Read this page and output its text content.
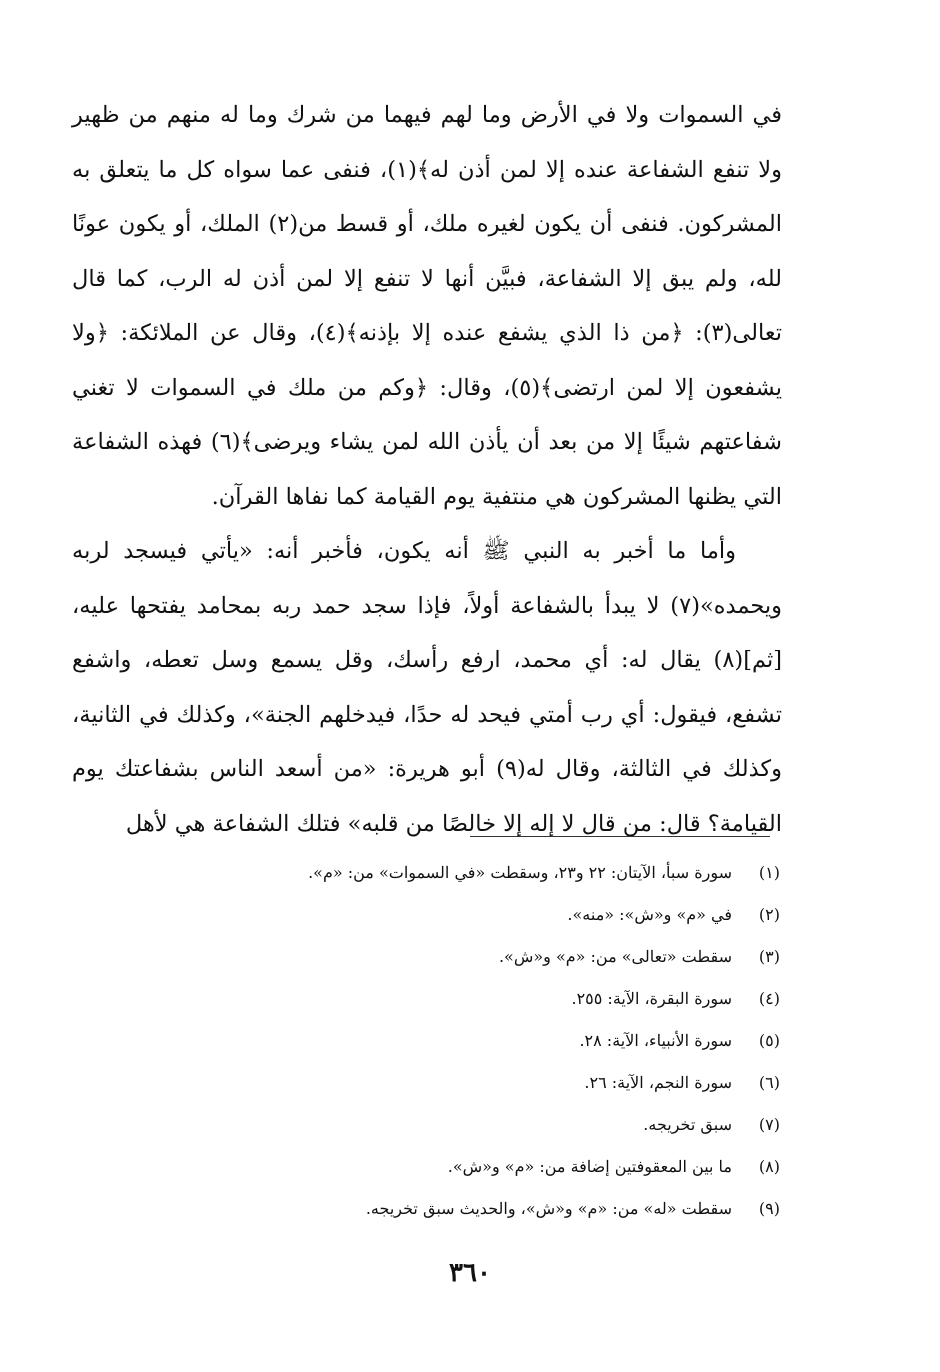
في السموات ولا في الأرض وما لهم فيهما من شرك وما له منهم من ظهير ولا تنفع الشفاعة عنده إلا لمن أذن له﴾(١)، فنفى عما سواه كل ما يتعلق به المشركون. فنفى أن يكون لغيره ملك، أو قسط من(٢) الملك، أو يكون عونًا لله، ولم يبق إلا الشفاعة، فبيَّن أنها لا تنفع إلا لمن أذن له الرب، كما قال تعالى(٣): ﴿من ذا الذي يشفع عنده إلا بإذنه﴾(٤)، وقال عن الملائكة: ﴿ولا يشفعون إلا لمن ارتضى﴾(٥)، وقال: ﴿وكم من ملك في السموات لا تغني شفاعتهم شيئًا إلا من بعد أن يأذن الله لمن يشاء ويرضى﴾(٦) فهذه الشفاعة التي يظنها المشركون هي منتفية يوم القيامة كما نفاها القرآن.

وأما ما أخبر به النبي ﷺ أنه يكون، فأخبر أنه: «يأتي فيسجد لربه ويحمده»(٧) لا يبدأ بالشفاعة أولاً، فإذا سجد حمد ربه بمحامد يفتحها عليه، [ثم](٨) يقال له: أي محمد، ارفع رأسك، وقل يسمع وسل تعطه، واشفع تشفع، فيقول: أي رب أمتي فيحد له حدًا، فيدخلهم الجنة»، وكذلك في الثانية، وكذلك في الثالثة، وقال له(٩) أبو هريرة: «من أسعد الناس بشفاعتك يوم القيامة؟ قال: من قال لا إله إلا خالصًا من قلبه» فتلك الشفاعة هي لأهل

(١)
سورة سبأ، الآيتان: ٢٢ و٢٣، وسقطت «في السموات» من: «م».
(٢)
في «م» و«ش»: «منه».
(٣)
سقطت «تعالى» من: «م» و«ش».
(٤)
سورة البقرة، الآية: ٢٥٥.
(٥)
سورة الأنبياء، الآية: ٢٨.
(٦)
سورة النجم، الآية: ٢٦.
(٧)
سبق تخريجه.
(٨)
ما بين المعقوفتين إضافة من: «م» و«ش».
(٩)
سقطت «له» من: «م» و«ش»، والحديث سبق تخريجه.
٣٦٠
